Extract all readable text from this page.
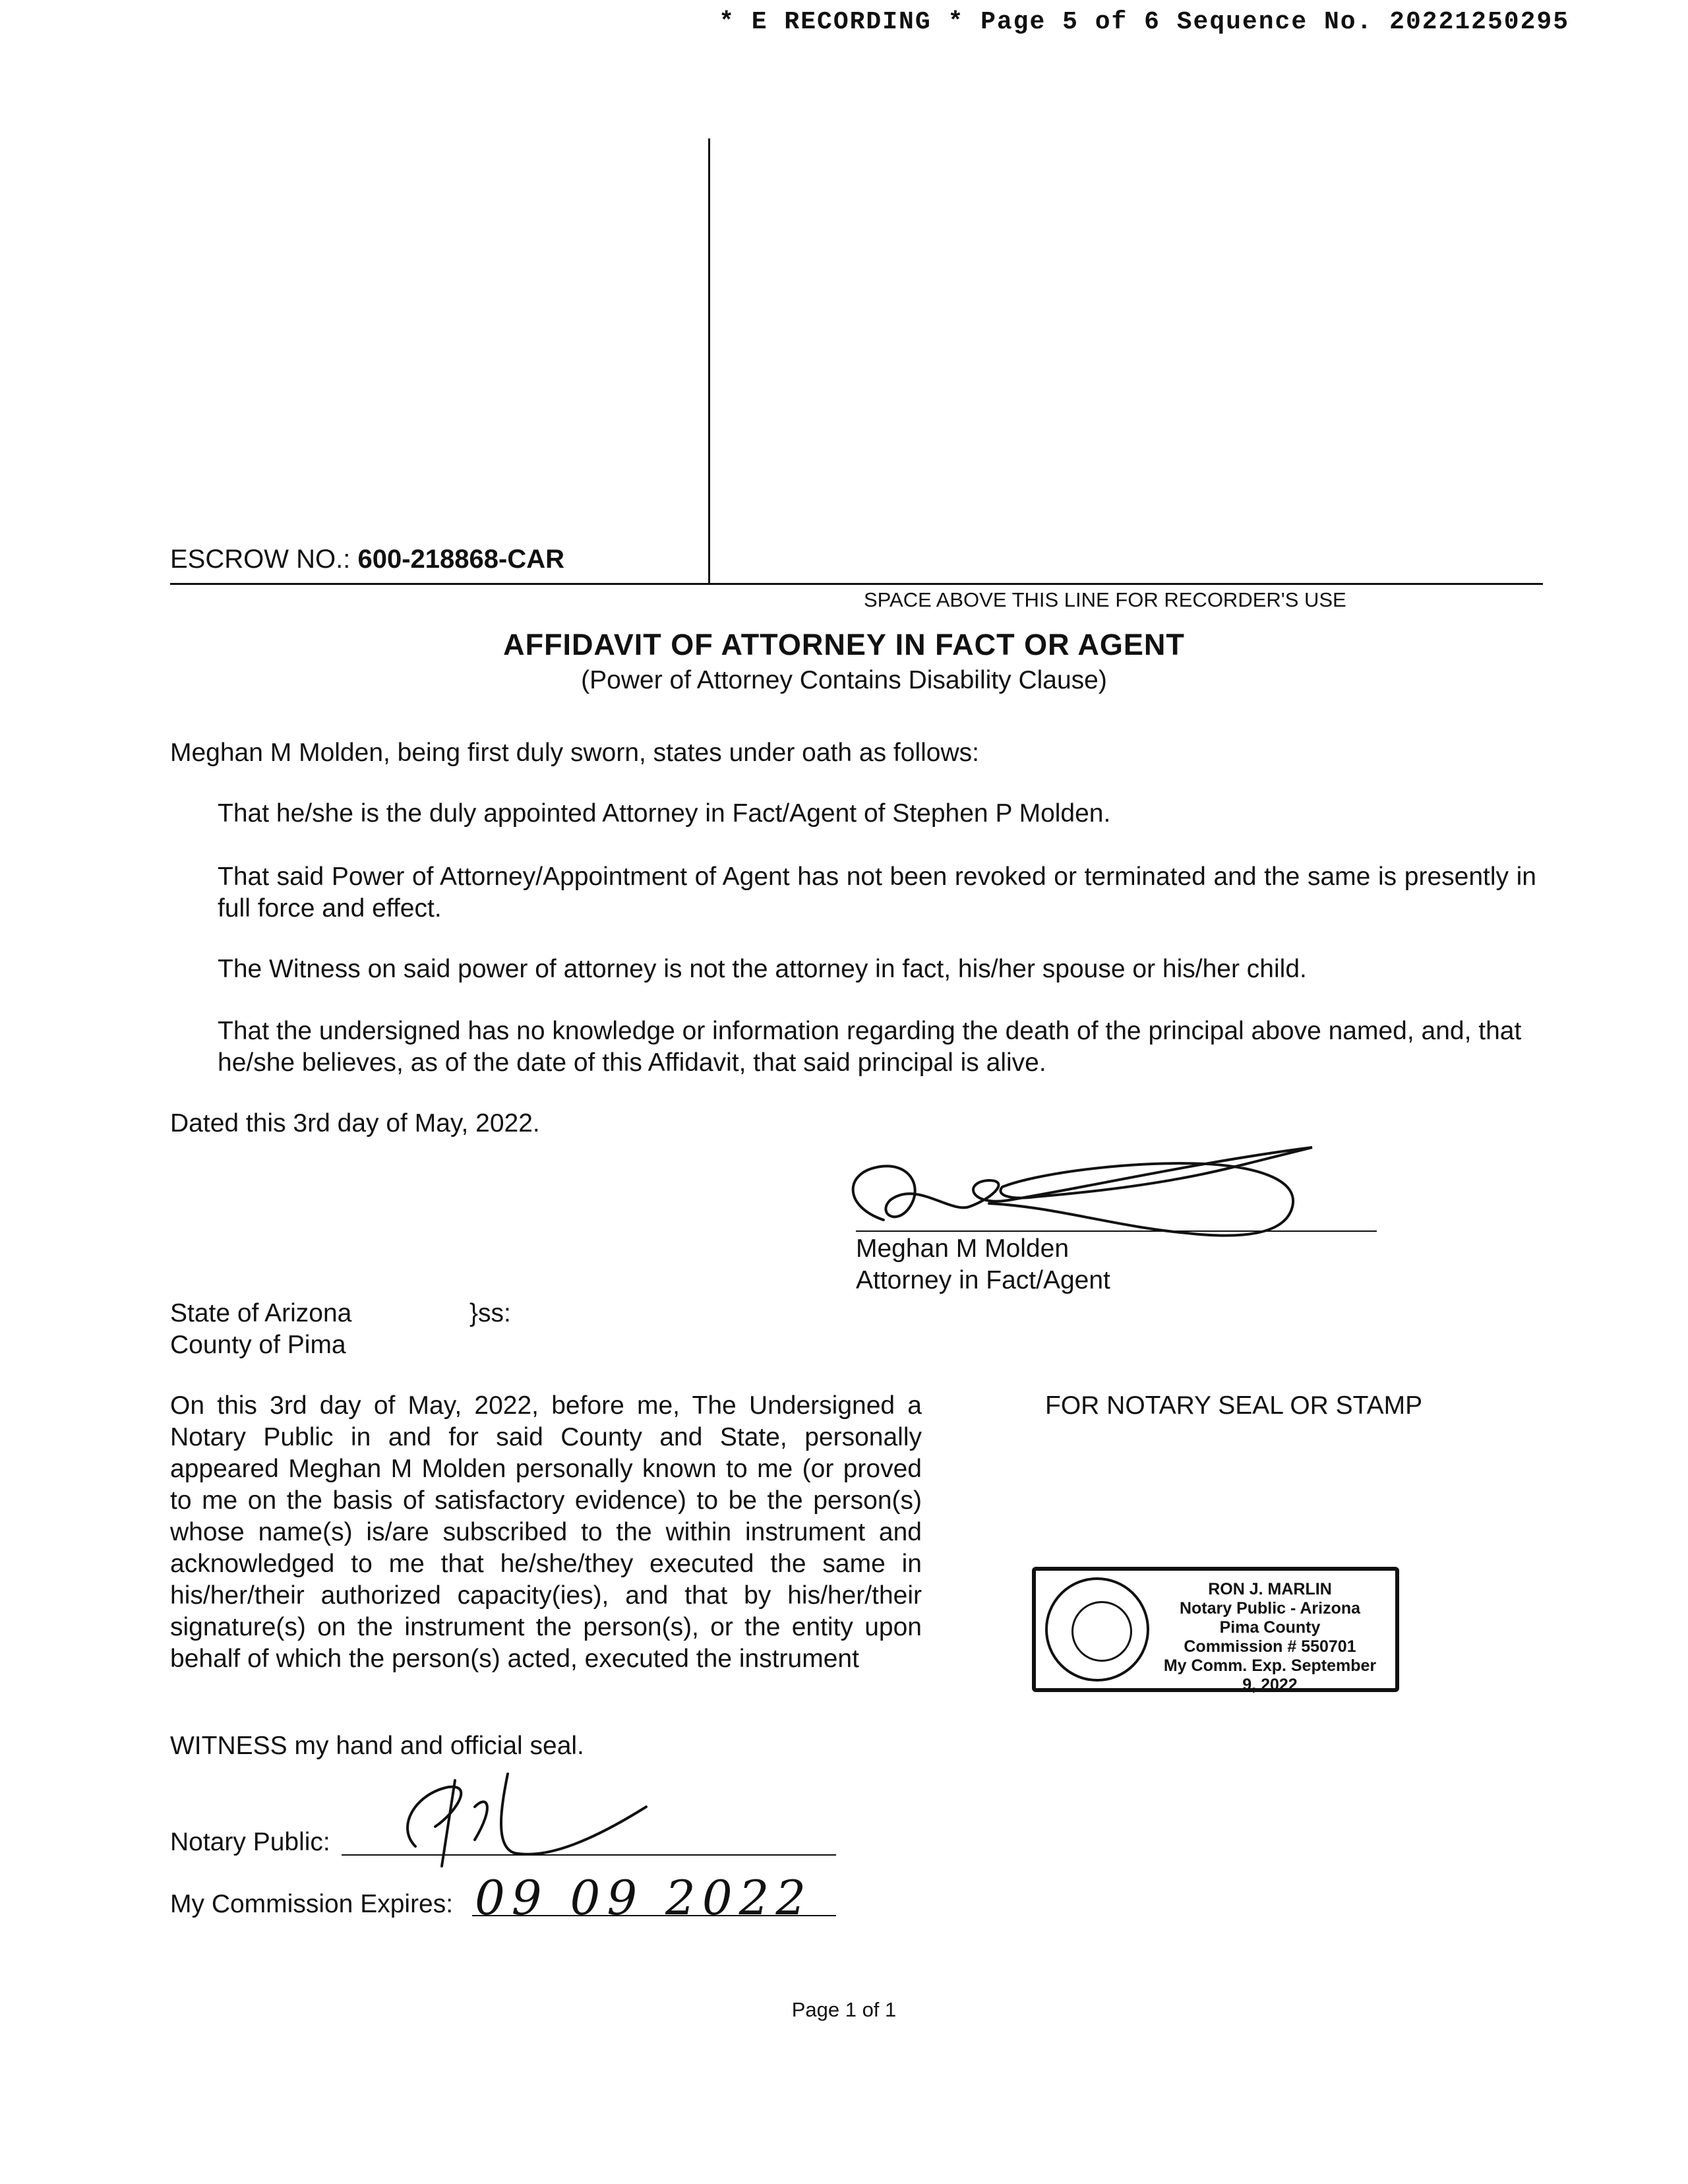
* E RECORDING * Page 5 of 6 Sequence No. 20221250295
ESCROW NO.: 600-218868-CAR
SPACE ABOVE THIS LINE FOR RECORDER'S USE
AFFIDAVIT OF ATTORNEY IN FACT OR AGENT
(Power of Attorney Contains Disability Clause)
Meghan M Molden, being first duly sworn, states under oath as follows:
That he/she is the duly appointed Attorney in Fact/Agent of Stephen P Molden.
That said Power of Attorney/Appointment of Agent has not been revoked or terminated and the same is presently in full force and effect.
The Witness on said power of attorney is not the attorney in fact, his/her spouse or his/her child.
That the undersigned has no knowledge or information regarding the death of the principal above named, and, that he/she believes, as of the date of this Affidavit, that said principal is alive.
Dated this 3rd day of May, 2022.
Meghan M Molden
Attorney in Fact/Agent
State of Arizona	}ss:
County of Pima
On this 3rd day of May, 2022, before me, The Undersigned a Notary Public in and for said County and State, personally appeared Meghan M Molden personally known to me (or proved to me on the basis of satisfactory evidence) to be the person(s) whose name(s) is/are subscribed to the within instrument and acknowledged to me that he/she/they executed the same in his/her/their authorized capacity(ies), and that by his/her/their signature(s) on the instrument the person(s), or the entity upon behalf of which the person(s) acted, executed the instrument
FOR NOTARY SEAL OR STAMP
RON J. MARLIN
Notary Public - Arizona
Pima County
Commission # 550701
My Comm. Exp. September 9, 2022
WITNESS my hand and official seal.
Notary Public:
My Commission Expires: 09 09 2022
Page 1 of 1
